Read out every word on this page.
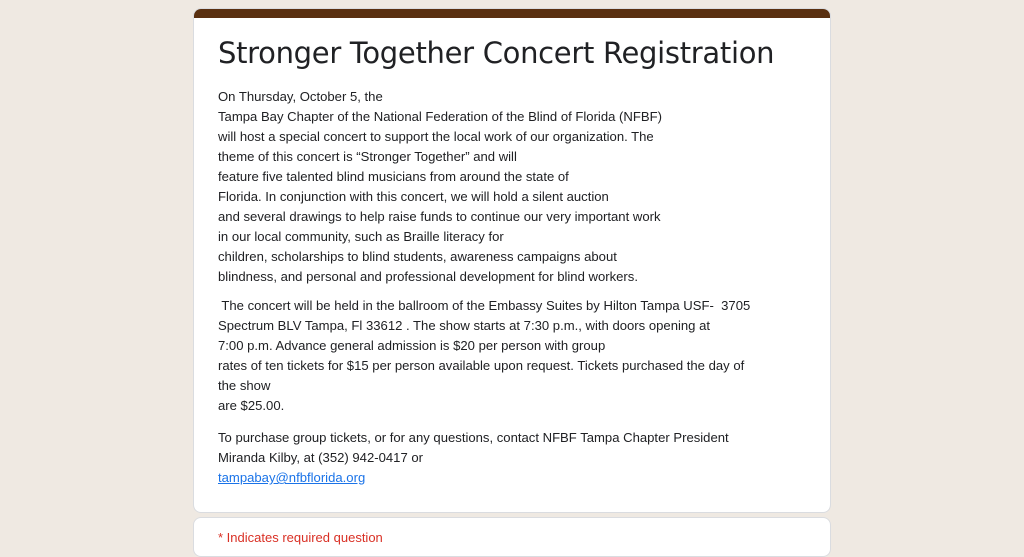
Stronger Together Concert Registration

On Thursday, October 5, the
Tampa Bay Chapter of the National Federation of the Blind of Florida (NFBF)
will host a special concert to support the local work of our organization. The
theme of this concert is “Stronger Together” and will
feature five talented blind musicians from around the state of
Florida. In conjunction with this concert, we will hold a silent auction
and several drawings to help raise funds to continue our very important work
in our local community, such as Braille literacy for
children, scholarships to blind students, awareness campaigns about
blindness, and personal and professional development for blind workers.

The concert will be held in the ballroom of the Embassy Suites by Hilton Tampa USF-  3705
Spectrum BLV Tampa, Fl 33612 . The show starts at 7:30 p.m., with doors opening at
7:00 p.m. Advance general admission is $20 per person with group
rates of ten tickets for $15 per person available upon request. Tickets purchased the day of
the show
are $25.00.

To purchase group tickets, or for any questions, contact NFBF Tampa Chapter President
Miranda Kilby, at (352) 942-0417 or
tampabay@nfbflorida.org

* Indicates required question
